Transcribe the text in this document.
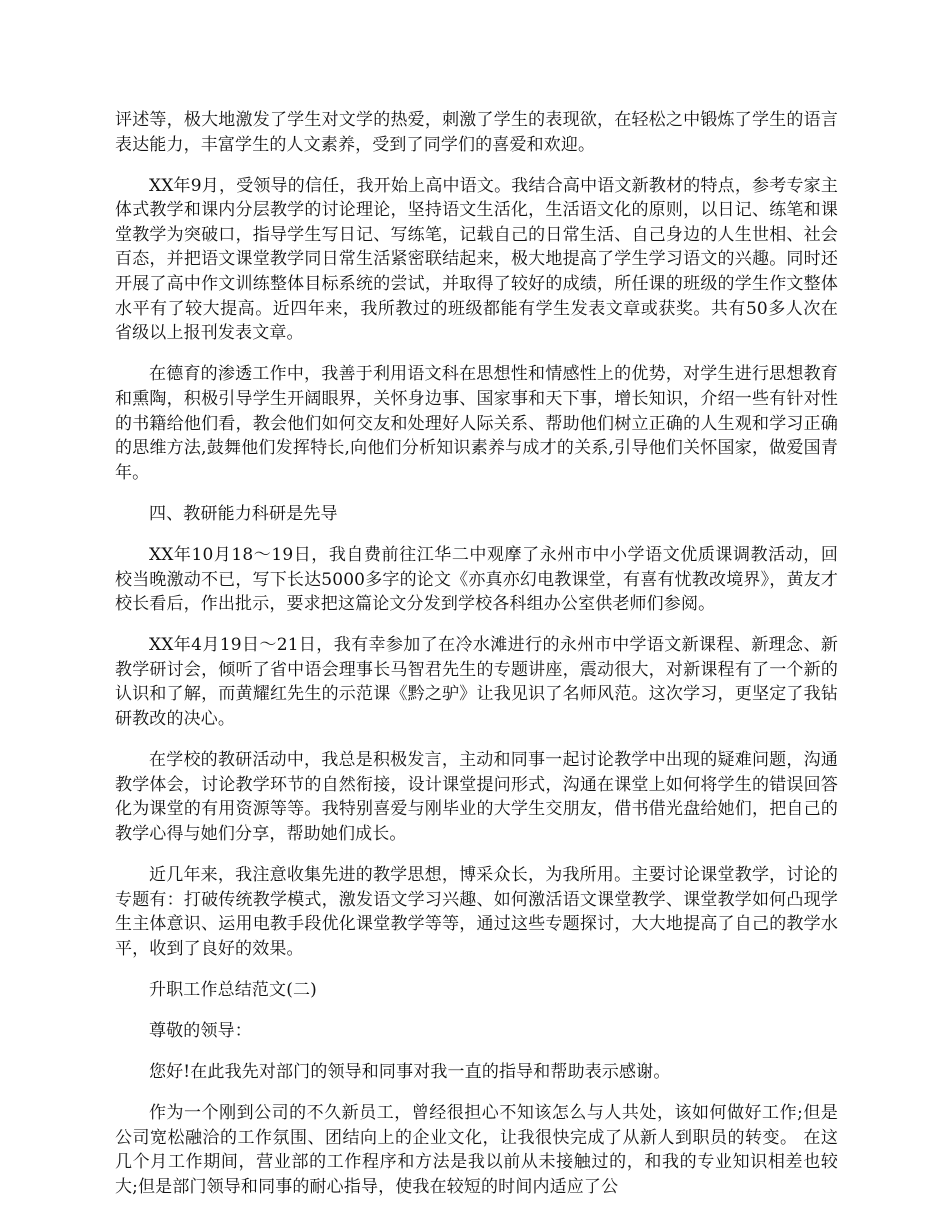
评述等，极大地激发了学生对文学的热爱，刺激了学生的表现欲，在轻松之中锻炼了学生的语言表达能力，丰富学生的人文素养，受到了同学们的喜爱和欢迎。

XX年9月，受领导的信任，我开始上高中语文。我结合高中语文新教材的特点，参考专家主体式教学和课内分层教学的讨论理论，坚持语文生活化，生活语文化的原则，以日记、练笔和课堂教学为突破口，指导学生写日记、写练笔，记载自己的日常生活、自己身边的人生世相、社会百态，并把语文课堂教学同日常生活紧密联结起来，极大地提高了学生学习语文的兴趣。同时还开展了高中作文训练整体目标系统的尝试，并取得了较好的成绩，所任课的班级的学生作文整体水平有了较大提高。近四年来，我所教过的班级都能有学生发表文章或获奖。共有50多人次在省级以上报刊发表文章。

在德育的渗透工作中，我善于利用语文科在思想性和情感性上的优势，对学生进行思想教育和熏陶，积极引导学生开阔眼界，关怀身边事、国家事和天下事，增长知识，介绍一些有针对性的书籍给他们看，教会他们如何交友和处理好人际关系、帮助他们树立正确的人生观和学习正确的思维方法,鼓舞他们发挥特长,向他们分析知识素养与成才的关系,引导他们关怀国家，做爱国青年。

四、教研能力科研是先导

XX年10月18～19日，我自费前往江华二中观摩了永州市中小学语文优质课调教活动，回校当晚激动不已，写下长达5000多字的论文《亦真亦幻电教课堂，有喜有忧教改境界》，黄友才校长看后，作出批示，要求把这篇论文分发到学校各科组办公室供老师们参阅。

XX年4月19日～21日，我有幸参加了在冷水滩进行的永州市中学语文新课程、新理念、新教学研讨会，倾听了省中语会理事长马智君先生的专题讲座，震动很大，对新课程有了一个新的认识和了解，而黄耀红先生的示范课《黔之驴》让我见识了名师风范。这次学习，更坚定了我钻研教改的决心。

在学校的教研活动中，我总是积极发言，主动和同事一起讨论教学中出现的疑难问题，沟通教学体会，讨论教学环节的自然衔接，设计课堂提问形式，沟通在课堂上如何将学生的错误回答化为课堂的有用资源等等。我特别喜爱与刚毕业的大学生交朋友，借书借光盘给她们，把自己的教学心得与她们分享，帮助她们成长。

近几年来，我注意收集先进的教学思想，博采众长，为我所用。主要讨论课堂教学，讨论的专题有：打破传统教学模式，激发语文学习兴趣、如何激活语文课堂教学、课堂教学如何凸现学生主体意识、运用电教手段优化课堂教学等等，通过这些专题探讨，大大地提高了自己的教学水平，收到了良好的效果。

升职工作总结范文(二)

尊敬的领导：

您好!在此我先对部门的领导和同事对我一直的指导和帮助表示感谢。

作为一个刚到公司的不久新员工，曾经很担心不知该怎么与人共处，该如何做好工作;但是公司宽松融洽的工作氛围、团结向上的企业文化，让我很快完成了从新人到职员的转变。 在这几个月工作期间，营业部的工作程序和方法是我以前从未接触过的，和我的专业知识相差也较大;但是部门领导和同事的耐心指导，使我在较短的时间内适应了公
